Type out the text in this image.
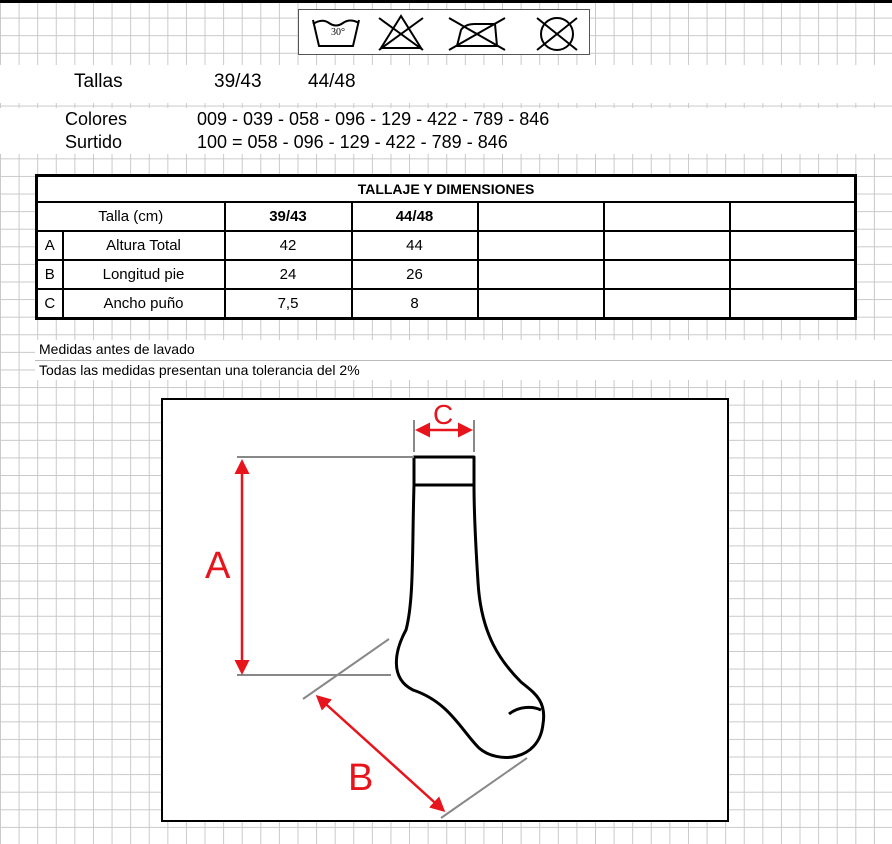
30°
Tallas	39/43 44/48
Colores	009 - 039 - 058 - 096 - 129 - 422 - 789 - 846
Surtido	100 = 058 - 096 - 129 - 422 - 789 - 846
TALLAJE Y DIMENSIONES						
Talla (cm)		39/43	44/48			
A	Altura Total	42	44			
B	Longitud pie	24	26			
C	Ancho puño	7,5	8			
Medidas antes de lavado
Todas las medidas presentan una tolerancia del 2%
A
C
B
